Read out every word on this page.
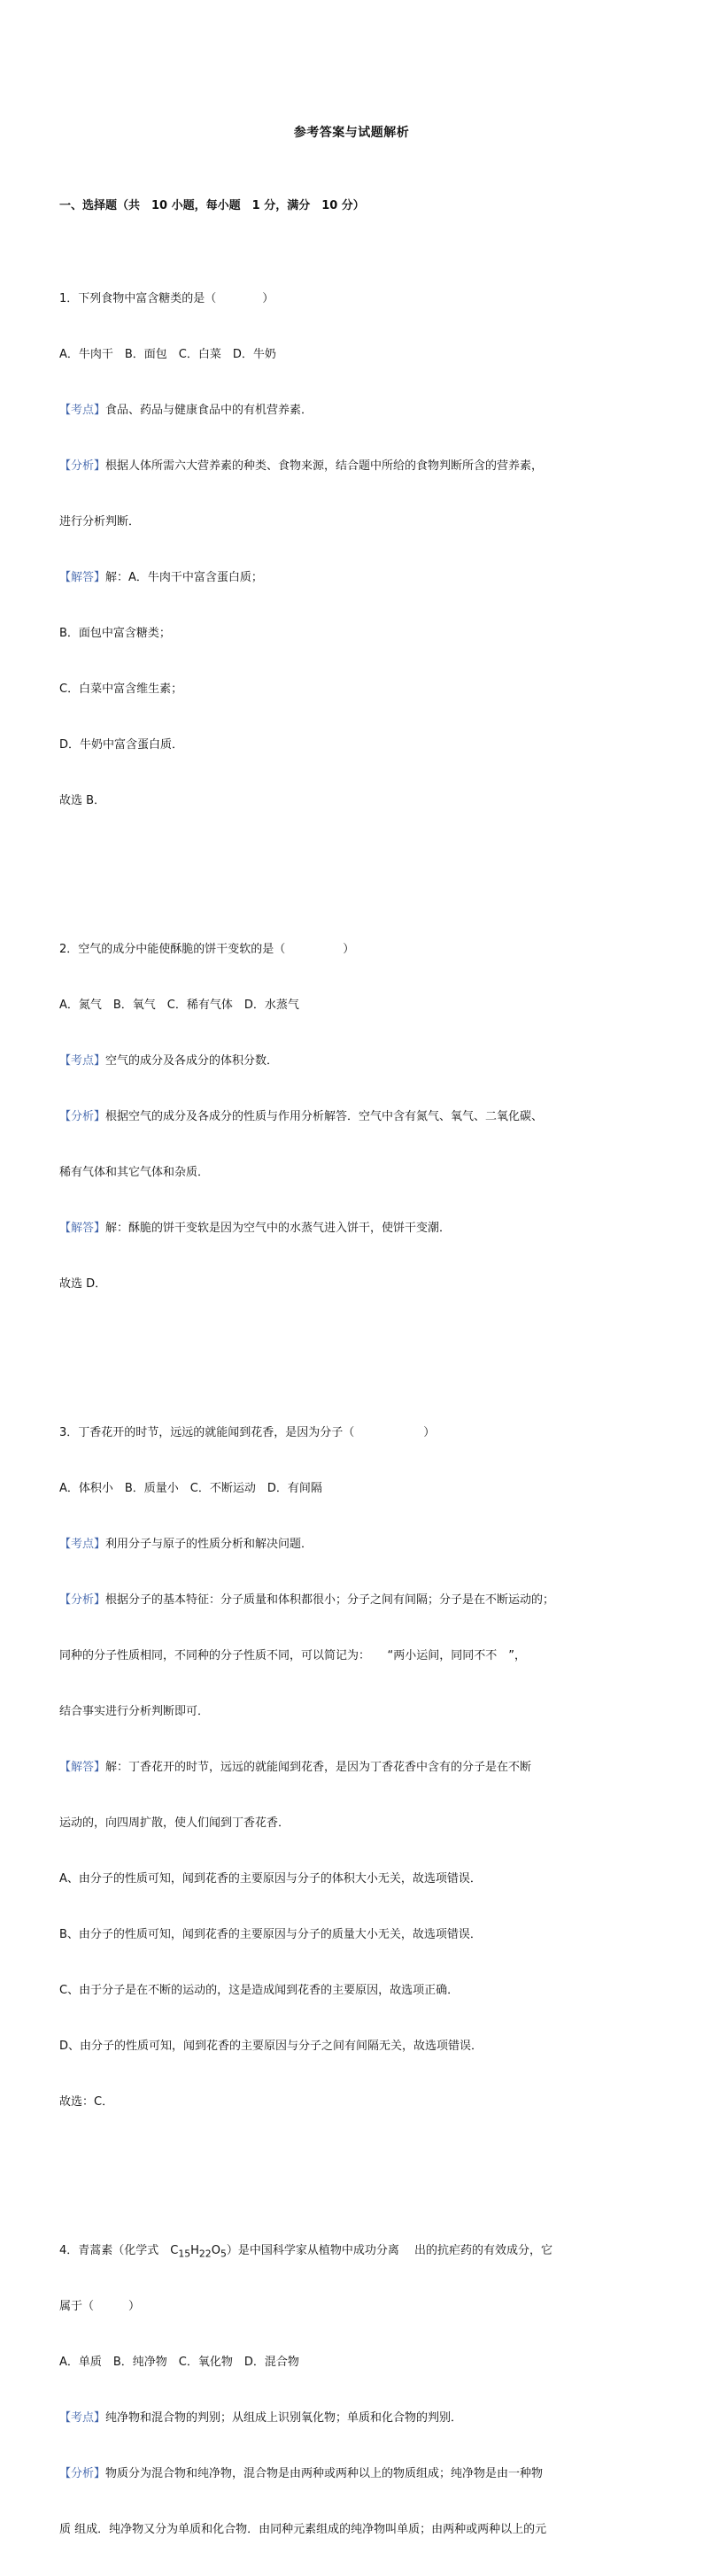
参考答案与试题解析

一、选择题（共　10 小题，每小题　1 分，满分　10 分）

1．下列食物中富含糖类的是（　　　　）

A．牛肉干　B．面包　C．白菜　D．牛奶

【考点】食品、药品与健康食品中的有机营养素．

【分析】根据人体所需六大营养素的种类、食物来源，结合题中所给的食物判断所含的营养素，

进行分析判断．

【解答】解：A．牛肉干中富含蛋白质；

B．面包中富含糖类；

C．白菜中富含维生素；

D．牛奶中富含蛋白质．

故选 B．

2．空气的成分中能使酥脆的饼干变软的是（　　　　　）

A．氮气　B．氧气　C．稀有气体　D．水蒸气

【考点】空气的成分及各成分的体积分数．

【分析】根据空气的成分及各成分的性质与作用分析解答．空气中含有氮气、氧气、二氧化碳、

稀有气体和其它气体和杂质．

【解答】解：酥脆的饼干变软是因为空气中的水蒸气进入饼干，使饼干变潮．

故选 D．

3．丁香花开的时节，远远的就能闻到花香，是因为分子（　　　　　　）

A．体积小　B．质量小　C．不断运动　D．有间隔

【考点】利用分子与原子的性质分析和解决问题．

【分析】根据分子的基本特征：分子质量和体积都很小；分子之间有间隔；分子是在不断运动的；

同种的分子性质相同，不同种的分子性质不同，可以简记为：　　“两小运间，同同不不　”，

结合事实进行分析判断即可．

【解答】解：丁香花开的时节，远远的就能闻到花香，是因为丁香花香中含有的分子是在不断

运动的，向四周扩散，使人们闻到丁香花香．

A、由分子的性质可知，闻到花香的主要原因与分子的体积大小无关，故选项错误．

B、由分子的性质可知，闻到花香的主要原因与分子的质量大小无关，故选项错误．

C、由于分子是在不断的运动的，这是造成闻到花香的主要原因，故选项正确．

D、由分子的性质可知，闻到花香的主要原因与分子之间有间隔无关，故选项错误．

故选：C．

4．青蒿素（化学式　$C_{15}H_{22}O_5$）是中国科学家从植物中成功分离　 出的抗疟药的有效成分，它

属于（　　　）

A．单质　B．纯净物　C．氧化物　D．混合物

【考点】纯净物和混合物的判别；从组成上识别氧化物；单质和化合物的判别．

【分析】物质分为混合物和纯净物，混合物是由两种或两种以上的物质组成；纯净物是由一种物

质 组成．纯净物又分为单质和化合物．由同种元素组成的纯净物叫单质；由两种或两种以上的元
